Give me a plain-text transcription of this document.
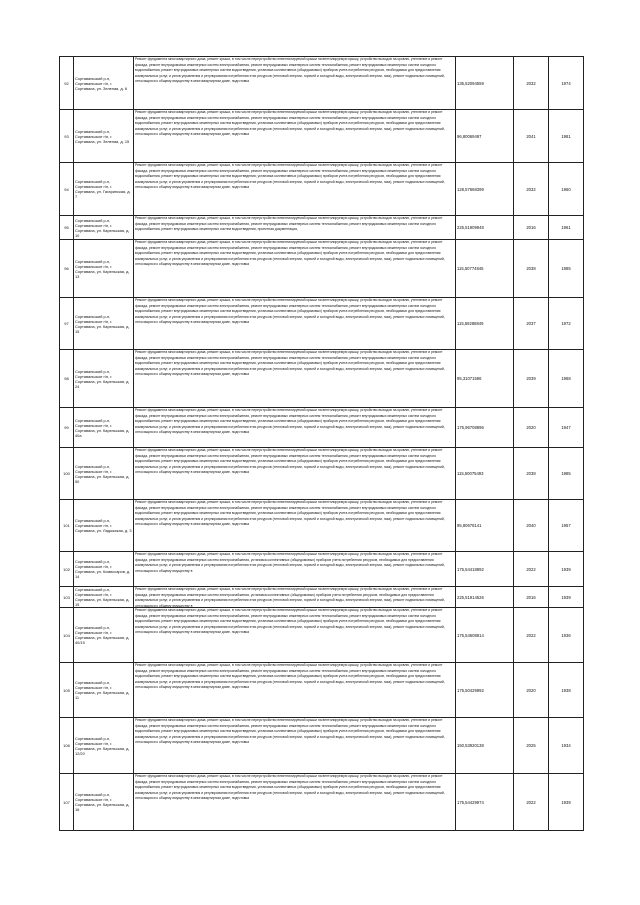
92	Сортавальский р-н, Сортавальское г/п, г. Сортавала, ул. Зеленая, д. 6	Ремонт фундамента многоквартирного дома, ремонт крыши, в том числе переустройство невентилируемой крыши на вентилируемую крышу, устройство выходов на кровлю, утепление и ремонт фасада, ремонт внутридомовых инженерных систем электроснабжения, ремонт внутридомовых инженерных систем теплоснабжения, ремонт внутридомовых инженерных систем холодного водоснабжения, ремонт внутридомовых инженерных систем водоотведения, установка коллективных (общедомовых) приборов учета потребления ресурсов, необходимых для предоставления коммунальных услуг, и узлов управления и регулирования потребления этих ресурсов (тепловой энергии, горячей и холодной воды, электрической энергии, газа), ремонт подвальных помещений, относящихся к общему имуществу в многоквартирном доме, подготовка	135,52094559	2032	1974
93	Сортавальский р-н, Сортавальское г/п, г. Сортавала, ул. Зеленая, д. 15	Ремонт фундамента многоквартирного дома, ремонт крыши, в том числе переустройство невентилируемой крыши на вентилируемую крышу, устройство выходов на кровлю, утепление и ремонт фасада, ремонт внутридомовых инженерных систем электроснабжения, ремонт внутридомовых инженерных систем теплоснабжения, ремонт внутридомовых инженерных систем холодного водоснабжения, ремонт внутридомовых инженерных систем водоотведения, установка коллективных (общедомовых) приборов учета потребления ресурсов, необходимых для предоставления коммунальных услуг, и узлов управления и регулирования потребления этих ресурсов (тепловой энергии, горячей и холодной воды, электрической энергии, газа), ремонт подвальных помещений, относящихся к общему имуществу в многоквартирном доме, подготовка	96,80069497	2041	1981
94	Сортавальский р-н, Сортавальское г/п, г. Сортавала, ул. Гагаринская, д. 7	Ремонт фундамента многоквартирного дома, ремонт крыши, в том числе переустройство невентилируемой крыши на вентилируемую крышу, устройство выходов на кровлю, утепление и ремонт фасада, ремонт внутридомовых инженерных систем электроснабжения, ремонт внутридомовых инженерных систем теплоснабжения, ремонт внутридомовых инженерных систем холодного водоснабжения, ремонт внутридомовых инженерных систем водоотведения, установка коллективных (общедомовых) приборов учета потребления ресурсов, необходимых для предоставления коммунальных услуг, и узлов управления и регулирования потребления этих ресурсов (тепловой энергии, горячей и холодной воды, электрической энергии, газа), ремонт подвальных помещений, относящихся к общему имуществу в многоквартирном доме, подготовка	128,57668399	2032	1960
95	Сортавальский р-н, Сортавальское г/п, г. Сортавала, ул. Карельская, д. 10	Ремонт фундамента многоквартирного дома, ремонт крыши, в том числе переустройство невентилируемой крыши на вентилируемую крышу, устройство выходов на кровлю, утепление и ремонт фасада, ремонт внутридомовых инженерных систем электроснабжения, ремонт внутридомовых инженерных систем теплоснабжения, ремонт внутридомовых инженерных систем холодного водоснабжения, ремонт внутридомовых инженерных систем водоотведения, проектная документация,	225,51909948	2016	1961
96	Сортавальский р-н, Сортавальское г/п, г. Сортавала, ул. Карельская, д. 13	Ремонт фундамента многоквартирного дома, ремонт крыши, в том числе переустройство невентилируемой крыши на вентилируемую крышу, устройство выходов на кровлю, утепление и ремонт фасада, ремонт внутридомовых инженерных систем электроснабжения, ремонт внутридомовых инженерных систем теплоснабжения, ремонт внутридомовых инженерных систем холодного водоснабжения, ремонт внутридомовых инженерных систем водоотведения, установка коллективных (общедомовых) приборов учета потребления ресурсов, необходимых для предоставления коммунальных услуг, и узлов управления и регулирования потребления этих ресурсов (тепловой энергии, горячей и холодной воды, электрической энергии, газа), ремонт подвальных помещений, относящихся к общему имуществу в многоквартирном доме, подготовка	115,50774845	2038	1985
97	Сортавальский р-н, Сортавальское г/п, г. Сортавала, ул. Карельская, д. 15	Ремонт фундамента многоквартирного дома, ремонт крыши, в том числе переустройство невентилируемой крыши на вентилируемую крышу, устройство выходов на кровлю, утепление и ремонт фасада, ремонт внутридомовых инженерных систем электроснабжения, ремонт внутридомовых инженерных систем теплоснабжения, ремонт внутридомовых инженерных систем холодного водоснабжения, ремонт внутридомовых инженерных систем водоотведения, установка коллективных (общедомовых) приборов учета потребления ресурсов, необходимых для предоставления коммунальных услуг, и узлов управления и регулирования потребления этих ресурсов (тепловой энергии, горячей и холодной воды, электрической энергии, газа), ремонт подвальных помещений, относящихся к общему имуществу в многоквартирном доме, подготовка	115,59288849	2037	1972
98	Сортавальский р-н, Сортавальское г/п, г. Сортавала, ул. Карельская, д. 24	Ремонт фундамента многоквартирного дома, ремонт крыши, в том числе переустройство невентилируемой крыши на вентилируемую крышу, устройство выходов на кровлю, утепление и ремонт фасада, ремонт внутридомовых инженерных систем электроснабжения, ремонт внутридомовых инженерных систем теплоснабжения, ремонт внутридомовых инженерных систем холодного водоснабжения, ремонт внутридомовых инженерных систем водоотведения, установка коллективных (общедомовых) приборов учета потребления ресурсов, необходимых для предоставления коммунальных услуг, и узлов управления и регулирования потребления этих ресурсов (тепловой энергии, горячей и холодной воды, электрической энергии, газа), ремонт подвальных помещений, относящихся к общему имуществу в многоквартирном доме, подготовка	95,31071596	2039	1968
99	Сортавальский р-н, Сортавальское г/п, г. Сортавала, ул. Карельская, д. 40а	Ремонт фундамента многоквартирного дома, ремонт крыши, в том числе переустройство невентилируемой крыши на вентилируемую крышу, устройство выходов на кровлю, утепление и ремонт фасада, ремонт внутридомовых инженерных систем электроснабжения, ремонт внутридомовых инженерных систем теплоснабжения, ремонт внутридомовых инженерных систем холодного водоснабжения, ремонт внутридомовых инженерных систем водоотведения, установка коллективных (общедомовых) приборов учета потребления ресурсов, необходимых для предоставления коммунальных услуг, и узлов управления и регулирования потребления этих ресурсов (тепловой энергии, горячей и холодной воды, электрической энергии, газа), ремонт подвальных помещений, относящихся к общему имуществу в многоквартирном доме, подготовка	175,96708896	2020	1947
100	Сортавальский р-н, Сортавальское г/п, г. Сортавала, ул. Карельская, д. 50	Ремонт фундамента многоквартирного дома, ремонт крыши, в том числе переустройство невентилируемой крыши на вентилируемую крышу, устройство выходов на кровлю, утепление и ремонт фасада, ремонт внутридомовых инженерных систем электроснабжения, ремонт внутридомовых инженерных систем теплоснабжения, ремонт внутридомовых инженерных систем холодного водоснабжения, ремонт внутридомовых инженерных систем водоотведения, установка коллективных (общедомовых) приборов учета потребления ресурсов, необходимых для предоставления коммунальных услуг, и узлов управления и регулирования потребления этих ресурсов (тепловой энергии, горячей и холодной воды, электрической энергии, газа), ремонт подвальных помещений, относящихся к общему имуществу в многоквартирном доме, подготовка	115,50075493	2038	1985
101	Сортавальский р-н, Сортавальское г/п, г. Сортавала, ул. Ладожская, д. 3	Ремонт фундамента многоквартирного дома, ремонт крыши, в том числе переустройство невентилируемой крыши на вентилируемую крышу, устройство выходов на кровлю, утепление и ремонт фасада, ремонт внутридомовых инженерных систем электроснабжения, ремонт внутридомовых инженерных систем теплоснабжения, ремонт внутридомовых инженерных систем холодного водоснабжения, ремонт внутридомовых инженерных систем водоотведения, установка коллективных (общедомовых) приборов учета потребления ресурсов, необходимых для предоставления коммунальных услуг, и узлов управления и регулирования потребления этих ресурсов (тепловой энергии, горячей и холодной воды, электрической энергии, газа), ремонт подвальных помещений, относящихся к общему имуществу в многоквартирном доме, подготовка	95,80678141	2040	1957
102	Сортавальский р-н, Сортавальское г/п, г. Сортавала, ул. Комиссаров, д. 14	Ремонт фундамента многоквартирного дома, ремонт крыши, в том числе переустройство невентилируемой крыши на вентилируемую крышу, устройство выходов на кровлю, утепление и ремонт фасада, ремонт внутридомовых инженерных систем электроснабжения, установка коллективных (общедомовых) приборов учета потребления ресурсов, необходимых для предоставления коммунальных услуг, и узлов управления и регулирования потребления этих ресурсов (тепловой энергии, горячей и холодной воды, электрической энергии, газа), ремонт подвальных помещений, относящихся к общему имуществу в	175,54418892	2022	1939
103	Сортавальский р-н, Сортавальское г/п, г. Сортавала, ул. Карельская, д. 15	Ремонт фундамента многоквартирного дома, ремонт крыши, в том числе переустройство невентилируемой крыши на вентилируемую крышу, устройство выходов на кровлю, утепление и ремонт фасада, ремонт внутридомовых инженерных систем электроснабжения, установка коллективных (общедомовых) приборов учета потребления ресурсов, необходимых для предоставления коммунальных услуг, и узлов управления и регулирования потребления этих ресурсов (тепловой энергии, горячей и холодной воды, электрической энергии, газа), ремонт подвальных помещений, относящихся к общему имуществу в	225,51914526	2016	1939
104	Сортавальский р-н, Сортавальское г/п, г. Сортавала, ул. Карельская, д. 40/15	Ремонт фундамента многоквартирного дома, ремонт крыши, в том числе переустройство невентилируемой крыши на вентилируемую крышу, устройство выходов на кровлю, утепление и ремонт фасада, ремонт внутридомовых инженерных систем электроснабжения, ремонт внутридомовых инженерных систем теплоснабжения, ремонт внутридомовых инженерных систем холодного водоснабжения, ремонт внутридомовых инженерных систем водоотведения, установка коллективных (общедомовых) приборов учета потребления ресурсов, необходимых для предоставления коммунальных услуг, и узлов управления и регулирования потребления этих ресурсов (тепловой энергии, горячей и холодной воды, электрической энергии, газа), ремонт подвальных помещений, относящихся к общему имуществу в многоквартирном доме, подготовка	175,54608814	2022	1936
105	Сортавальский р-н, Сортавальское г/п, г. Сортавала, ул. Карельская, д. 11	Ремонт фундамента многоквартирного дома, ремонт крыши, в том числе переустройство невентилируемой крыши на вентилируемую крышу, устройство выходов на кровлю, утепление и ремонт фасада, ремонт внутридомовых инженерных систем электроснабжения, ремонт внутридомовых инженерных систем теплоснабжения, ремонт внутридомовых инженерных систем холодного водоснабжения, ремонт внутридомовых инженерных систем водоотведения, установка коллективных (общедомовых) приборов учета потребления ресурсов, необходимых для предоставления коммунальных услуг, и узлов управления и регулирования потребления этих ресурсов (тепловой энергии, горячей и холодной воды, электрической энергии, газа), ремонт подвальных помещений, относящихся к общему имуществу в многоквартирном доме, подготовка	175,50429992	2020	1938
106	Сортавальский р-н, Сортавальское г/п, г. Сортавала, ул. Карельская, д. 12/20	Ремонт фундамента многоквартирного дома, ремонт крыши, в том числе переустройство невентилируемой крыши на вентилируемую крышу, устройство выходов на кровлю, утепление и ремонт фасада, ремонт внутридомовых инженерных систем электроснабжения, ремонт внутридомовых инженерных систем теплоснабжения, ремонт внутридомовых инженерных систем холодного водоснабжения, ремонт внутридомовых инженерных систем водоотведения, установка коллективных (общедомовых) приборов учета потребления ресурсов, необходимых для предоставления коммунальных услуг, и узлов управления и регулирования потребления этих ресурсов (тепловой энергии, горячей и холодной воды, электрической энергии, газа), ремонт подвальных помещений, относящихся к общему имуществу в многоквартирном доме, подготовка	150,53920138	2025	1934
107	Сортавальский р-н, Сортавальское г/п, г. Сортавала, ул. Карельская, д. 16	Ремонт фундамента многоквартирного дома, ремонт крыши, в том числе переустройство невентилируемой крыши на вентилируемую крышу, устройство выходов на кровлю, утепление и ремонт фасада, ремонт внутридомовых инженерных систем электроснабжения, ремонт внутридомовых инженерных систем теплоснабжения, ремонт внутридомовых инженерных систем холодного водоснабжения, ремонт внутридомовых инженерных систем водоотведения, установка коллективных (общедомовых) приборов учета потребления ресурсов, необходимых для предоставления коммунальных услуг, и узлов управления и регулирования потребления этих ресурсов (тепловой энергии, горячей и холодной воды, электрической энергии, газа), ремонт подвальных помещений, относящихся к общему имуществу в многоквартирном доме, подготовка	175,54429974	2022	1939
